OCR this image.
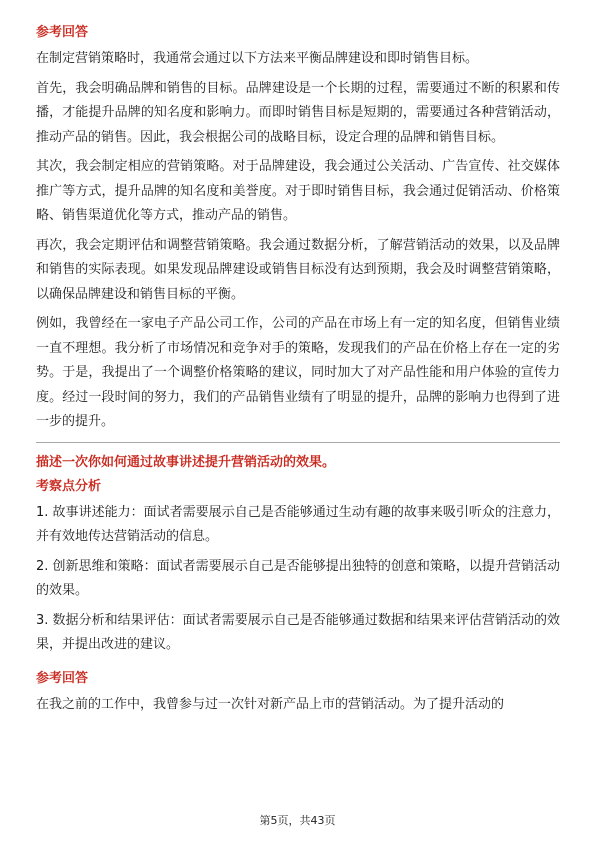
参考回答

在制定营销策略时，我通常会通过以下方法来平衡品牌建设和即时销售目标。

首先，我会明确品牌和销售的目标。品牌建设是一个长期的过程，需要通过不断的积累和传播，才能提升品牌的知名度和影响力。而即时销售目标是短期的，需要通过各种营销活动，推动产品的销售。因此，我会根据公司的战略目标，设定合理的品牌和销售目标。

其次，我会制定相应的营销策略。对于品牌建设，我会通过公关活动、广告宣传、社交媒体推广等方式，提升品牌的知名度和美誉度。对于即时销售目标，我会通过促销活动、价格策略、销售渠道优化等方式，推动产品的销售。

再次，我会定期评估和调整营销策略。我会通过数据分析，了解营销活动的效果，以及品牌和销售的实际表现。如果发现品牌建设或销售目标没有达到预期，我会及时调整营销策略，以确保品牌建设和销售目标的平衡。

例如，我曾经在一家电子产品公司工作，公司的产品在市场上有一定的知名度，但销售业绩一直不理想。我分析了市场情况和竞争对手的策略，发现我们的产品在价格上存在一定的劣势。于是，我提出了一个调整价格策略的建议，同时加大了对产品性能和用户体验的宣传力度。经过一段时间的努力，我们的产品销售业绩有了明显的提升，品牌的影响力也得到了进一步的提升。

描述一次你如何通过故事讲述提升营销活动的效果。
考察点分析

1. 故事讲述能力：面试者需要展示自己是否能够通过生动有趣的故事来吸引听众的注意力，并有效地传达营销活动的信息。

2. 创新思维和策略：面试者需要展示自己是否能够提出独特的创意和策略，以提升营销活动的效果。

3. 数据分析和结果评估：面试者需要展示自己是否能够通过数据和结果来评估营销活动的效果，并提出改进的建议。

参考回答

在我之前的工作中，我曾参与过一次针对新产品上市的营销活动。为了提升活动的

第5页，共43页
